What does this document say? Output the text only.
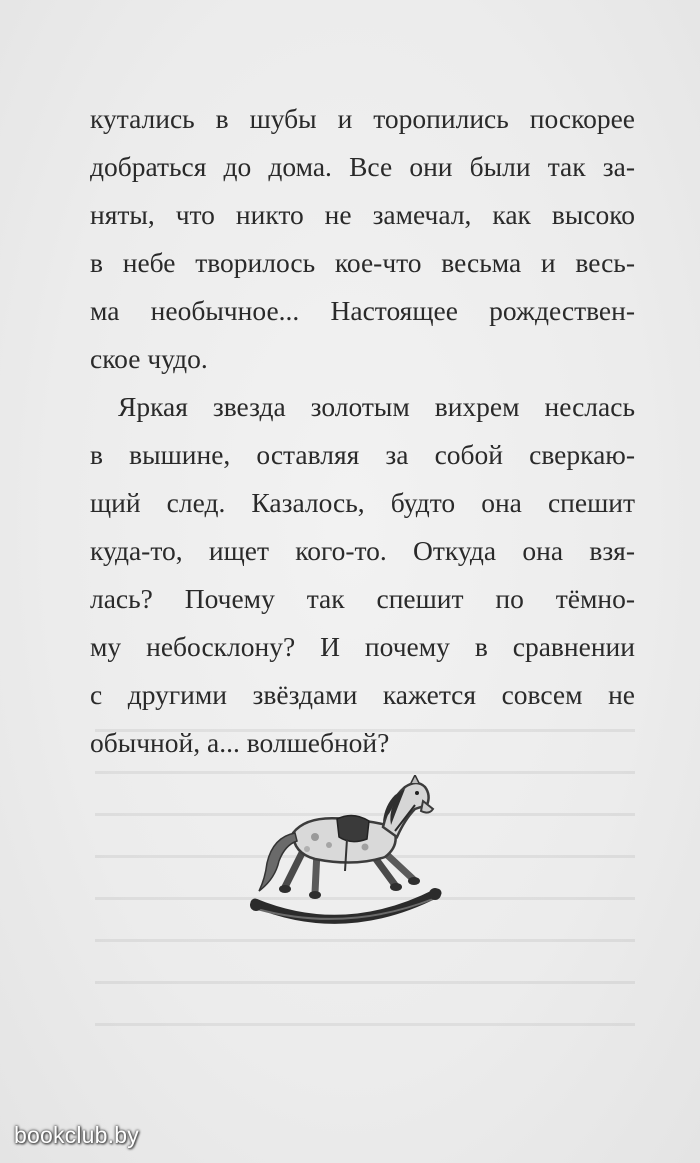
кутались в шубы и торопились поскорее
добраться до дома. Все они были так за-
няты, что никто не замечал, как высоко
в небе творилось кое-что весьма и весь-
ма необычное... Настоящее рождествен-
ское чудо.
Яркая звезда золотым вихрем неслась
в вышине, оставляя за собой сверкаю-
щий след. Казалось, будто она спешит
куда-то, ищет кого-то. Откуда она взя-
лась? Почему так спешит по тёмно-
му небосклону? И почему в сравнении
с другими звёздами кажется совсем не
обычной, а... волшебной?
bookclub.by
